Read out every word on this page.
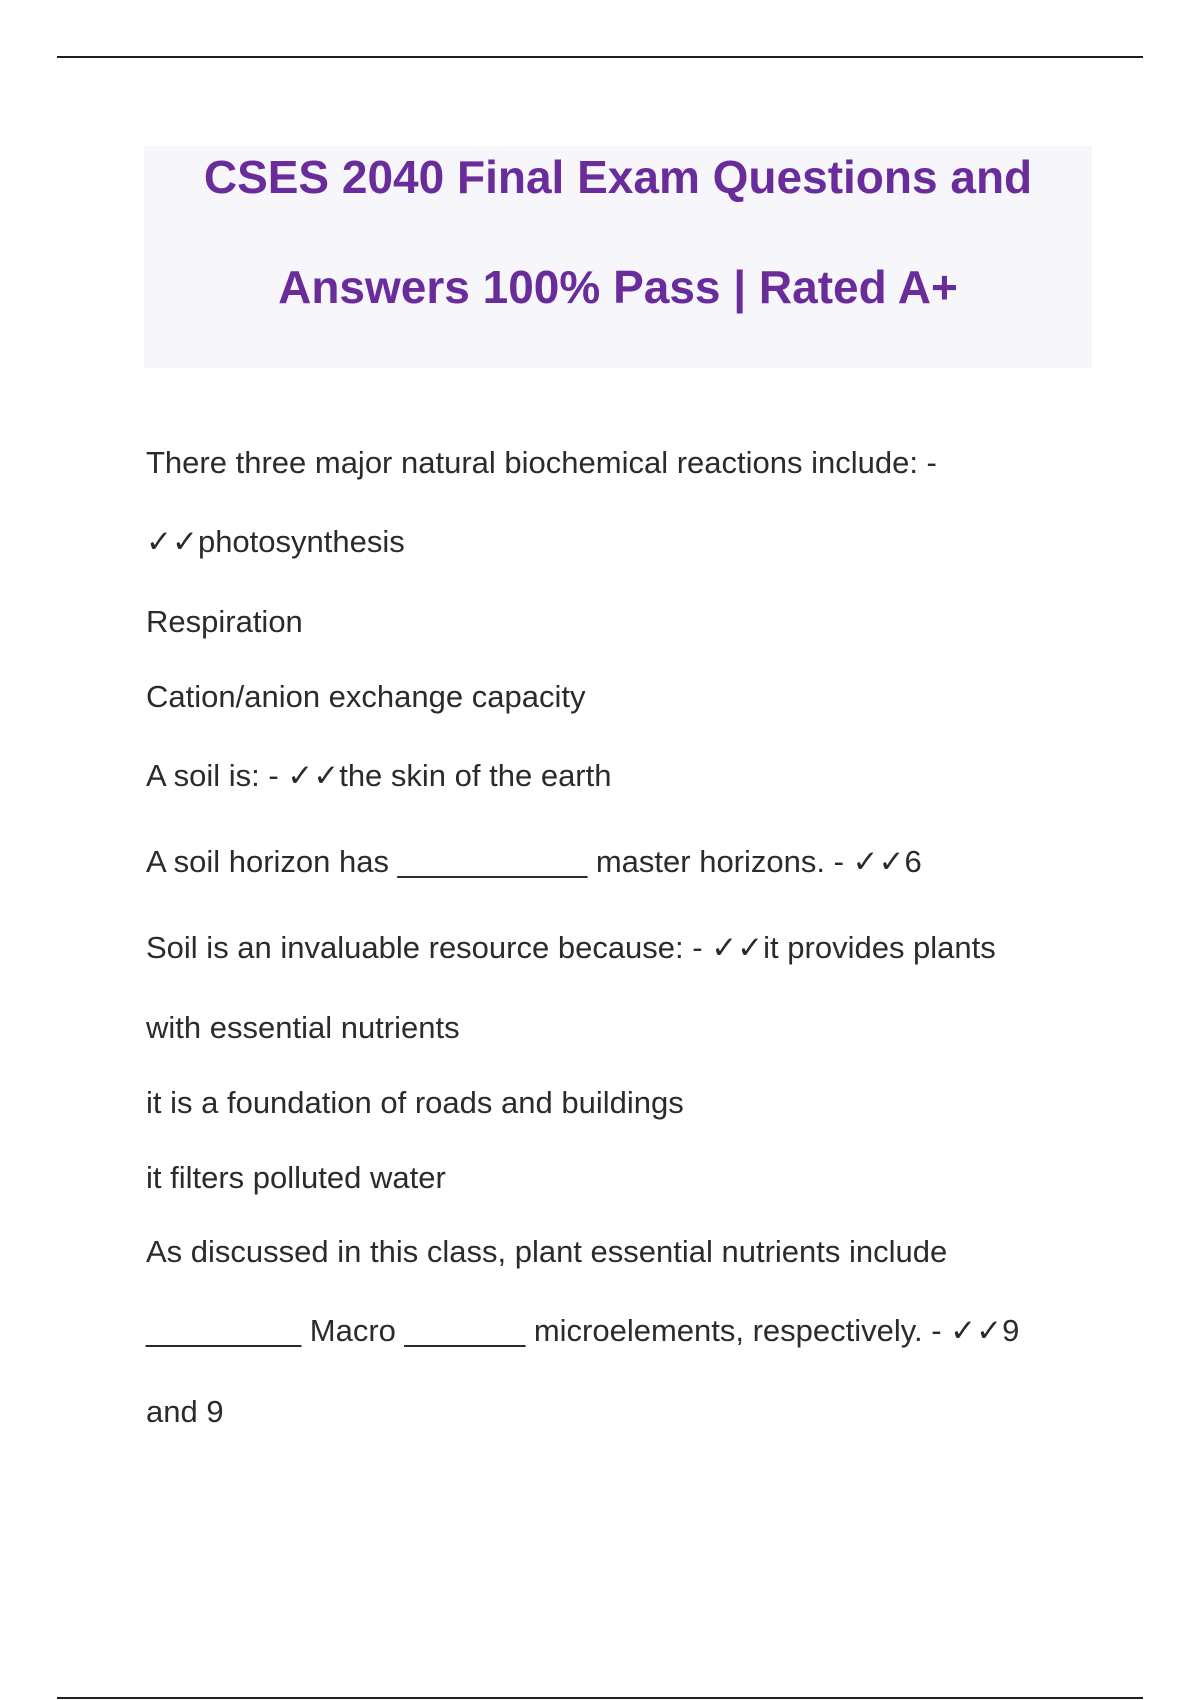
CSES 2040 Final Exam Questions and
Answers 100% Pass | Rated A+
There three major natural biochemical reactions include: -
✓✓photosynthesis
Respiration
Cation/anion exchange capacity
A soil is: - ✓✓the skin of the earth
A soil horizon has ___________ master horizons. - ✓✓6
Soil is an invaluable resource because: - ✓✓it provides plants
with essential nutrients
it is a foundation of roads and buildings
it filters polluted water
As discussed in this class, plant essential nutrients include
_________ Macro _______ microelements, respectively. - ✓✓9
and 9
